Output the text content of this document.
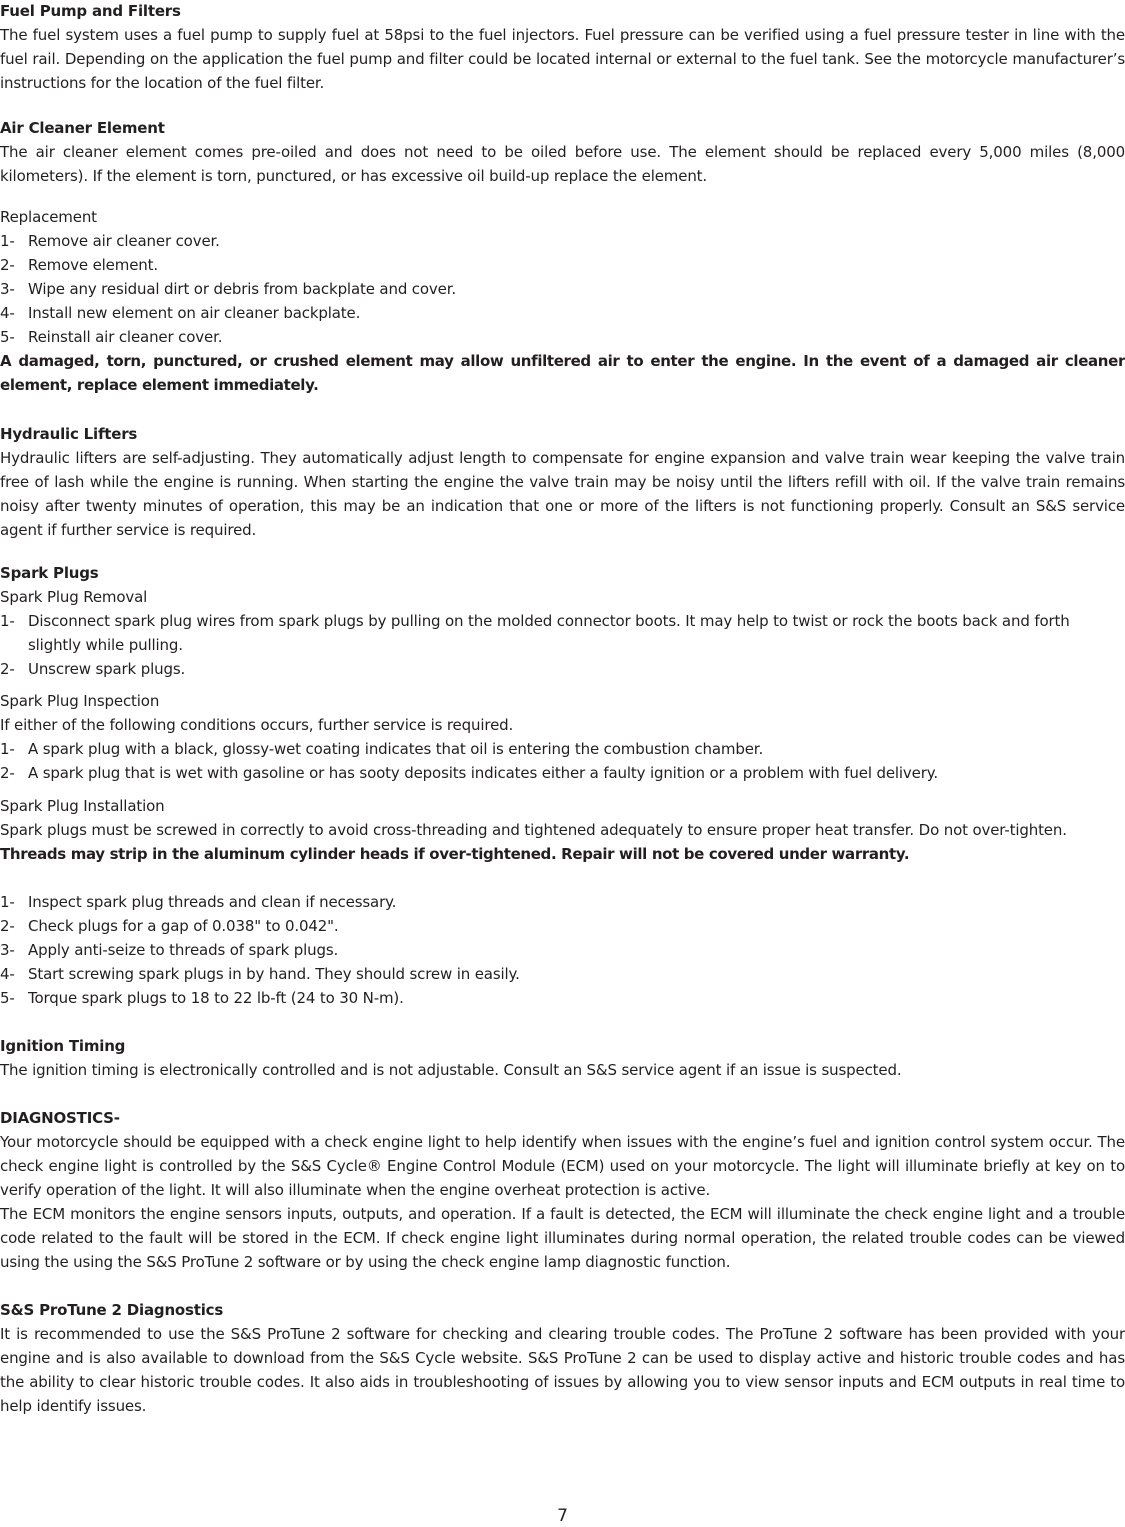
Fuel Pump and Filters
The fuel system uses a fuel pump to supply fuel at 58psi to the fuel injectors. Fuel pressure can be verified using a fuel pressure tester in line with the fuel rail. Depending on the application the fuel pump and filter could be located internal or external to the fuel tank. See the motorcycle manufacturer’s instructions for the location of the fuel filter.
Air Cleaner Element
The air cleaner element comes pre-oiled and does not need to be oiled before use. The element should be replaced every 5,000 miles (8,000 kilometers). If the element is torn, punctured, or has excessive oil build-up replace the element.
Replacement
1- Remove air cleaner cover.
2- Remove element.
3- Wipe any residual dirt or debris from backplate and cover.
4- Install new element on air cleaner backplate.
5- Reinstall air cleaner cover.
A damaged, torn, punctured, or crushed element may allow unfiltered air to enter the engine. In the event of a damaged air cleaner element, replace element immediately.
Hydraulic Lifters
Hydraulic lifters are self-adjusting. They automatically adjust length to compensate for engine expansion and valve train wear keeping the valve train free of lash while the engine is running. When starting the engine the valve train may be noisy until the lifters refill with oil. If the valve train remains noisy after twenty minutes of operation, this may be an indication that one or more of the lifters is not functioning properly. Consult an S&S service agent if further service is required.
Spark Plugs
Spark Plug Removal
1- Disconnect spark plug wires from spark plugs by pulling on the molded connector boots. It may help to twist or rock the boots back and forth slightly while pulling.
2- Unscrew spark plugs.
Spark Plug Inspection
If either of the following conditions occurs, further service is required.
1- A spark plug with a black, glossy-wet coating indicates that oil is entering the combustion chamber.
2- A spark plug that is wet with gasoline or has sooty deposits indicates either a faulty ignition or a problem with fuel delivery.
Spark Plug Installation
Spark plugs must be screwed in correctly to avoid cross-threading and tightened adequately to ensure proper heat transfer. Do not over-tighten.
Threads may strip in the aluminum cylinder heads if over-tightened. Repair will not be covered under warranty.
1- Inspect spark plug threads and clean if necessary.
2- Check plugs for a gap of 0.038" to 0.042".
3- Apply anti-seize to threads of spark plugs.
4- Start screwing spark plugs in by hand. They should screw in easily.
5- Torque spark plugs to 18 to 22 lb-ft (24 to 30 N-m).
Ignition Timing
The ignition timing is electronically controlled and is not adjustable. Consult an S&S service agent if an issue is suspected.
DIAGNOSTICS-
Your motorcycle should be equipped with a check engine light to help identify when issues with the engine’s fuel and ignition control system occur. The check engine light is controlled by the S&S Cycle® Engine Control Module (ECM) used on your motorcycle. The light will illuminate briefly at key on to verify operation of the light. It will also illuminate when the engine overheat protection is active.
The ECM monitors the engine sensors inputs, outputs, and operation. If a fault is detected, the ECM will illuminate the check engine light and a trouble code related to the fault will be stored in the ECM. If check engine light illuminates during normal operation, the related trouble codes can be viewed using the using the S&S ProTune 2 software or by using the check engine lamp diagnostic function.
S&S ProTune 2 Diagnostics
It is recommended to use the S&S ProTune 2 software for checking and clearing trouble codes. The ProTune 2 software has been provided with your engine and is also available to download from the S&S Cycle website. S&S ProTune 2 can be used to display active and historic trouble codes and has the ability to clear historic trouble codes. It also aids in troubleshooting of issues by allowing you to view sensor inputs and ECM outputs in real time to help identify issues.
7
